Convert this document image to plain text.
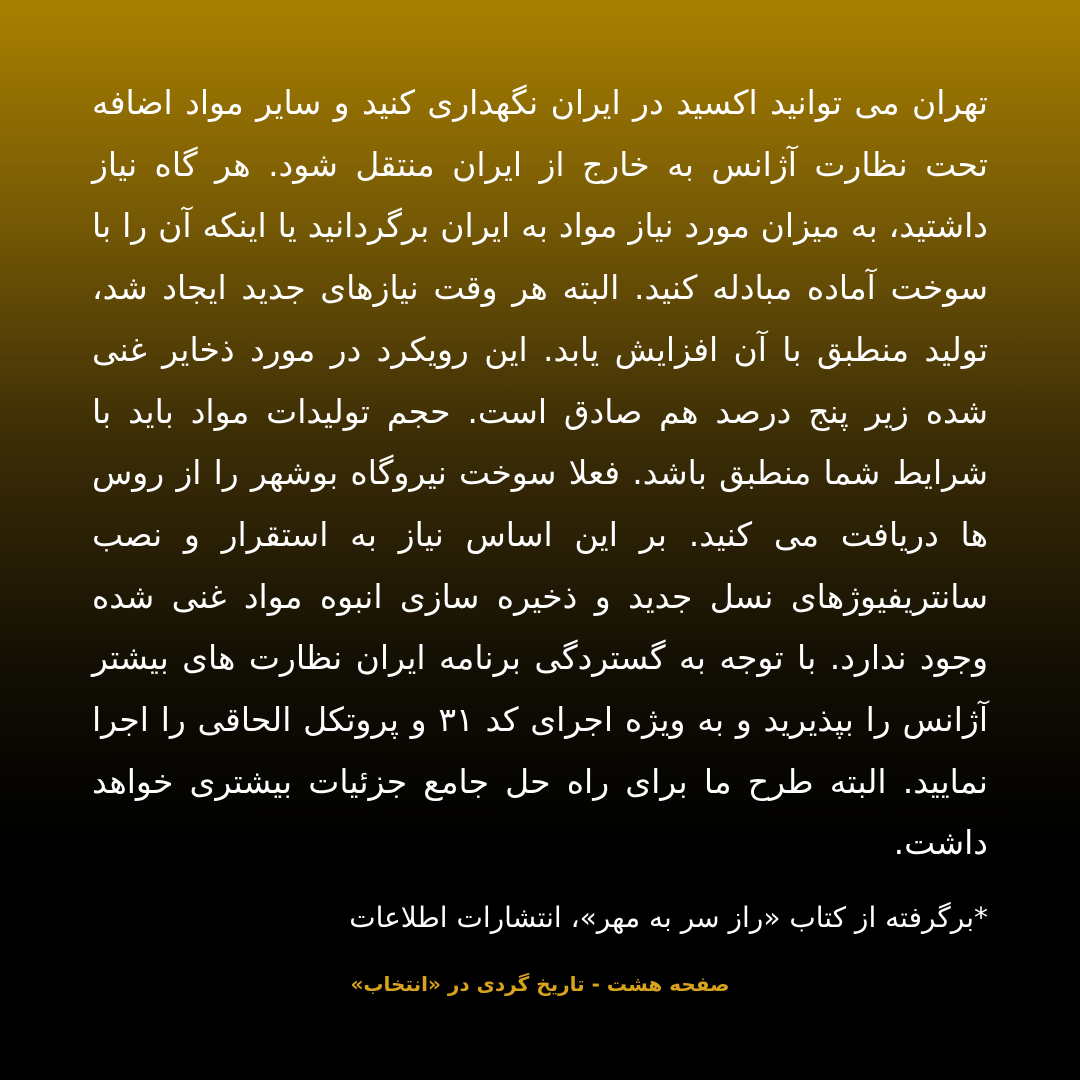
تهران می توانید اکسید در ایران نگهداری کنید و سایر مواد اضافه تحت نظارت آژانس به خارج از ایران منتقل شود. هر گاه نیاز داشتید، به میزان مورد نیاز مواد به ایران برگردانید یا اینکه آن را با سوخت آماده مبادله کنید. البته هر وقت نیازهای جدید ایجاد شد، تولید منطبق با آن افزایش یابد. این رویکرد در مورد ذخایر غنی شده زیر پنج درصد هم صادق است. حجم تولیدات مواد باید با شرایط شما منطبق باشد. فعلا سوخت نیروگاه بوشهر را از روس ها دریافت می کنید. بر این اساس نیاز به استقرار و نصب سانتریفیوژهای نسل جدید و ذخیره سازی انبوه مواد غنی شده وجود ندارد. با توجه به گستردگی برنامه ایران نظارت های بیشتر آژانس را بپذیرید و به ویژه اجرای کد ۳۱ و پروتکل الحاقی را اجرا نمایید. البته طرح ما برای راه حل جامع جزئیات بیشتری خواهد داشت.

*برگرفته از کتاب «راز سر به مهر»، انتشارات اطلاعات

صفحه هشت - تاریخ گردی در «انتخاب»
